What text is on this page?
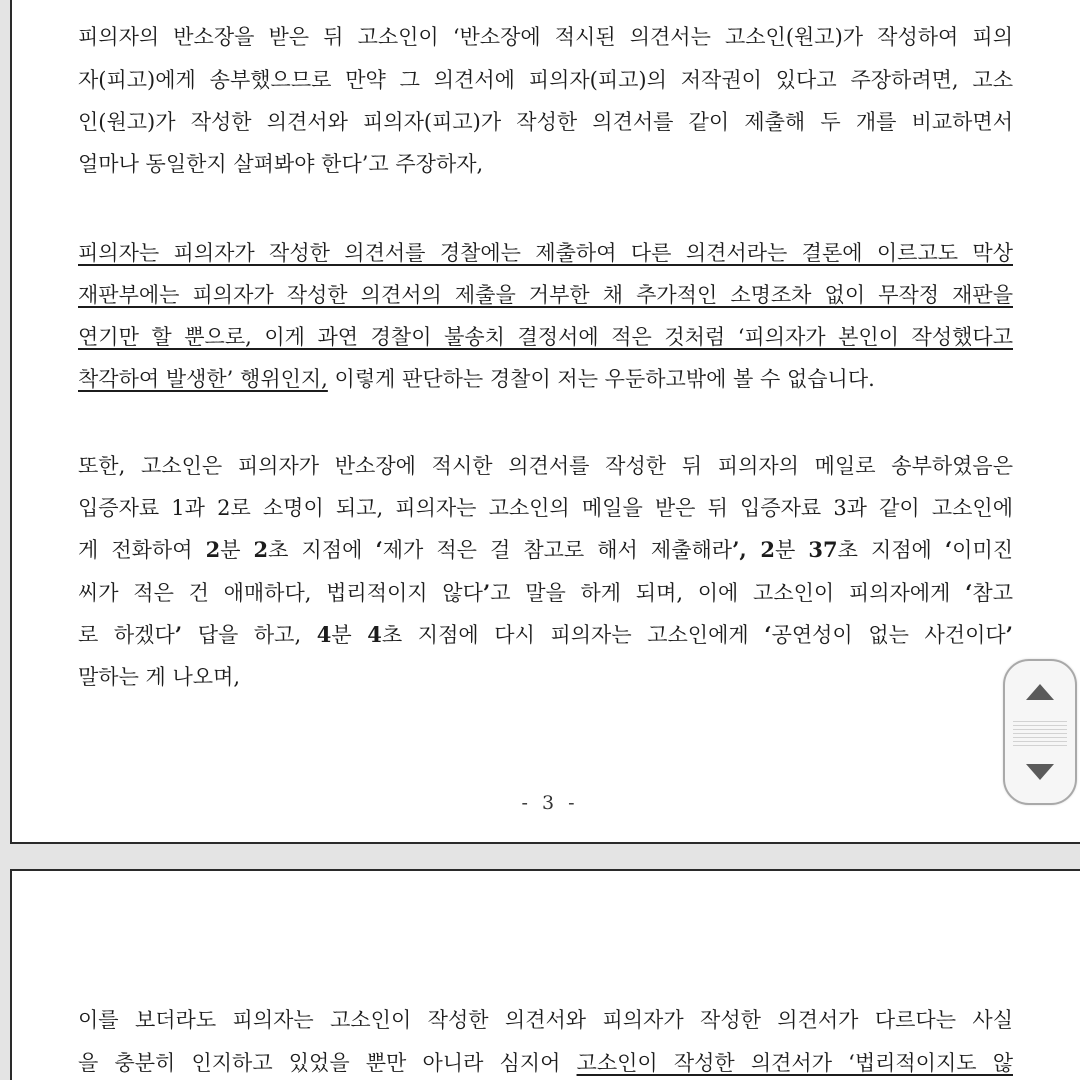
피의자의 반소장을 받은 뒤 고소인이 ‘반소장에 적시된 의견서는 고소인(원고)가 작성하여 피의
자(피고)에게 송부했으므로 만약 그 의견서에 피의자(피고)의 저작권이 있다고 주장하려면, 고소
인(원고)가 작성한 의견서와 피의자(피고)가 작성한 의견서를 같이 제출해 두 개를 비교하면서
얼마나 동일한지 살펴봐야 한다’고 주장하자,
피의자는 피의자가 작성한 의견서를 경찰에는 제출하여 다른 의견서라는 결론에 이르고도 막상
재판부에는 피의자가 작성한 의견서의 제출을 거부한 채 추가적인 소명조차 없이 무작정 재판을
연기만 할 뿐으로, 이게 과연 경찰이 불송치 결정서에 적은 것처럼 ‘피의자가 본인이 작성했다고
착각하여 발생한’ 행위인지, 이렇게 판단하는 경찰이 저는 우둔하고밖에 볼 수 없습니다.
또한, 고소인은 피의자가 반소장에 적시한 의견서를 작성한 뒤 피의자의 메일로 송부하였음은
입증자료 1과 2로 소명이 되고, 피의자는 고소인의 메일을 받은 뒤 입증자료 3과 같이 고소인에
게 전화하여 2분 2초 지점에 ‘제가 적은 걸 참고로 해서 제출해라’, 2분 37초 지점에 ‘이미진
씨가 적은 건 애매하다, 법리적이지 않다’고 말을 하게 되며, 이에 고소인이 피의자에게 ‘참고
로 하겠다’ 답을 하고, 4분 4초 지점에 다시 피의자는 고소인에게 ‘공연성이 없는 사건이다’
말하는 게 나오며,
- 3 -
이를 보더라도 피의자는 고소인이 작성한 의견서와 피의자가 작성한 의견서가 다르다는 사실
을 충분히 인지하고 있었을 뿐만 아니라 심지어 고소인이 작성한 의견서가 ‘법리적이지도 않
